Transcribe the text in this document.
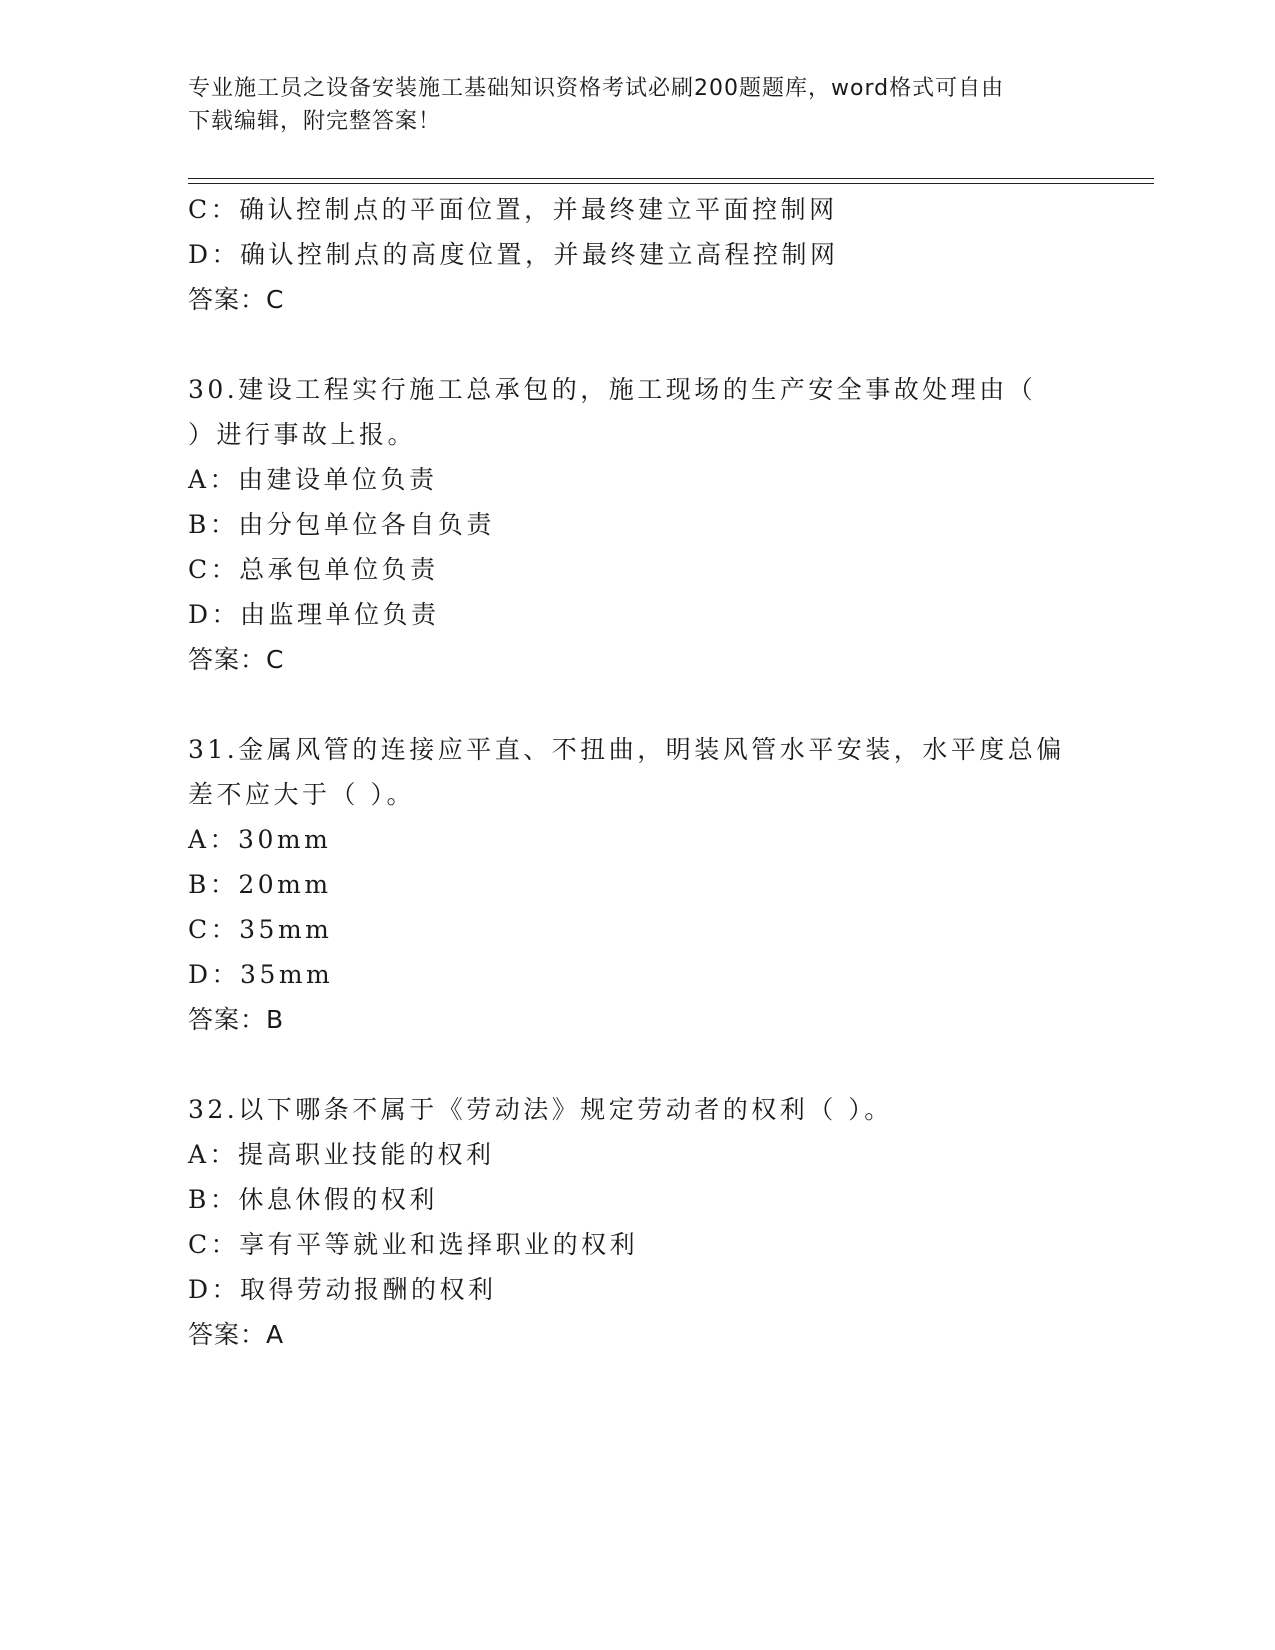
专业施工员之设备安装施工基础知识资格考试必刷200题题库，word格式可自由
下载编辑，附完整答案！
C：确认控制点的平面位置，并最终建立平面控制网
D：确认控制点的高度位置，并最终建立高程控制网
答案：C
30.建设工程实行施工总承包的，施工现场的生产安全事故处理由（
）进行事故上报。
A：由建设单位负责
B：由分包单位各自负责
C：总承包单位负责
D：由监理单位负责
答案：C
31.金属风管的连接应平直、不扭曲，明装风管水平安装，水平度总偏
差不应大于（ ）。
A：30mm
B：20mm
C：35mm
D：35mm
答案：B
32.以下哪条不属于《劳动法》规定劳动者的权利（ ）。
A：提高职业技能的权利
B：休息休假的权利
C：享有平等就业和选择职业的权利
D：取得劳动报酬的权利
答案：A
